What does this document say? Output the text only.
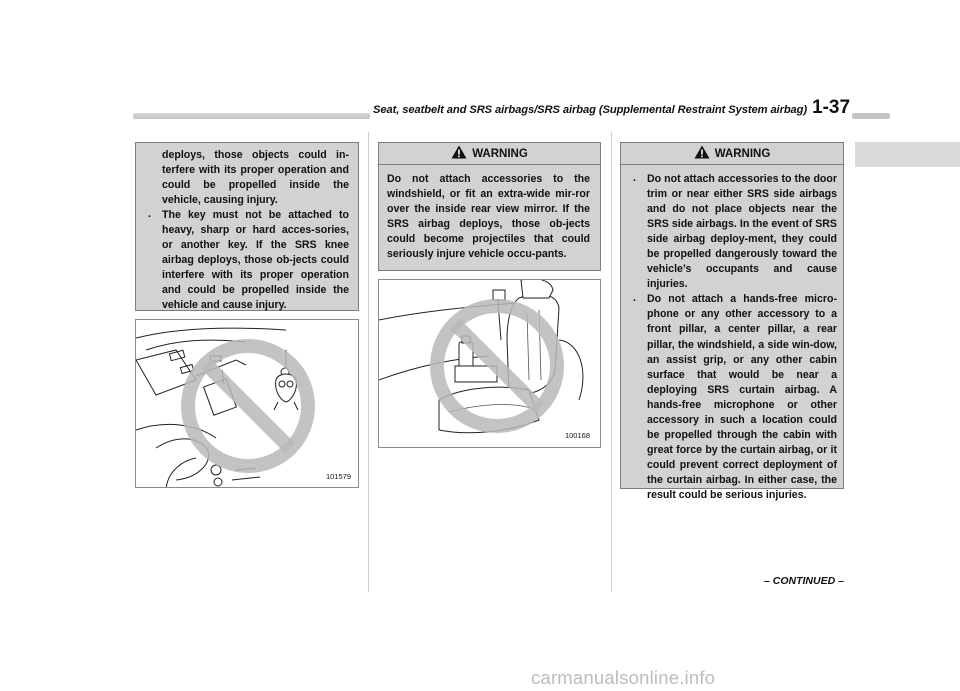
Seat, seatbelt and SRS airbags/SRS airbag (Supplemental Restraint System airbag) 1-37

deploys, those objects could in-terfere with its proper operation and could be propelled inside the vehicle, causing injury.

. The key must not be attached to heavy, sharp or hard acces-sories, or another key. If the SRS knee airbag deploys, those ob-jects could interfere with its proper operation and could be propelled inside the vehicle and cause injury.
101579
WARNING
Do not attach accessories to the windshield, or fit an extra-wide mir-ror over the inside rear view mirror. If the SRS airbag deploys, those ob-jects could become projectiles that could seriously injure vehicle occu-pants.
100168
WARNING
. Do not attach accessories to the door trim or near either SRS side airbags and do not place objects near the SRS side airbags. In the event of SRS side airbag deploy-ment, they could be propelled dangerously toward the vehicle’s occupants and cause injuries.
. Do not attach a hands-free micro-phone or any other accessory to a front pillar, a center pillar, a rear pillar, the windshield, a side win-dow, an assist grip, or any other cabin surface that would be near a deploying SRS curtain airbag. A hands-free microphone or other accessory in such a location could be propelled through the cabin with great force by the curtain airbag, or it could prevent correct deployment of the curtain airbag. In either case, the result could be serious injuries.
– CONTINUED –
carmanualsonline.info
